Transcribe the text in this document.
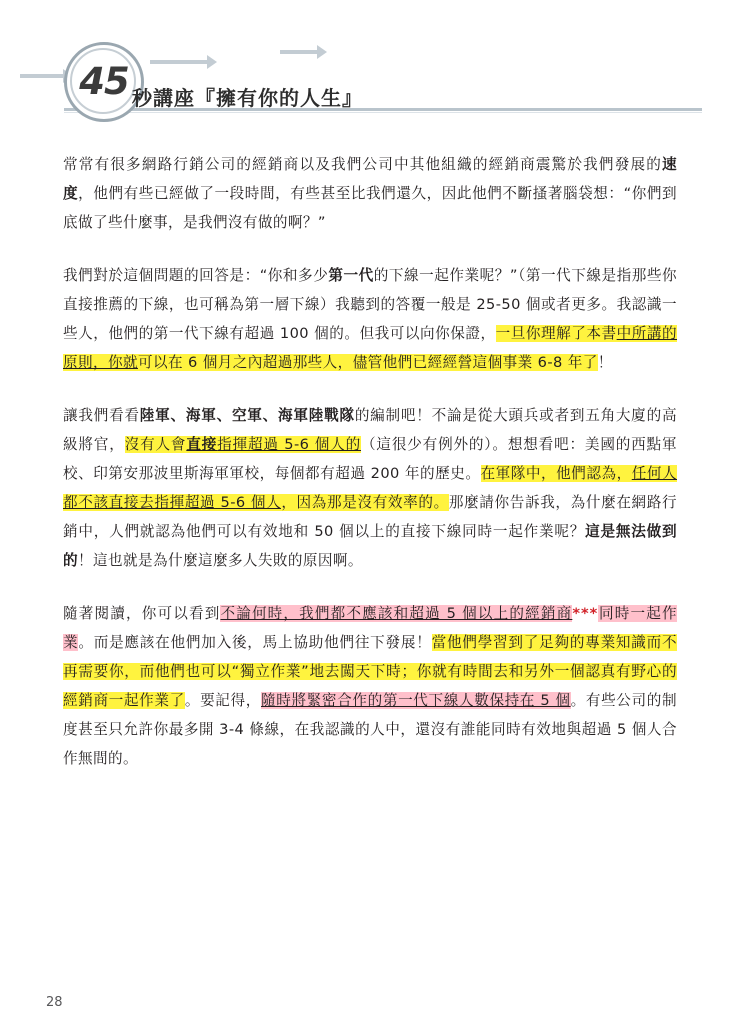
45 秒講座『擁有你的人生』

常常有很多網路行銷公司的經銷商以及我們公司中其他組織的經銷商震驚於我們發展的速度，他們有些已經做了一段時間，有些甚至比我們還久，因此他們不斷搔著腦袋想：“你們到底做了些什麼事，是我們沒有做的啊？”

我們對於這個問題的回答是：“你和多少第一代的下線一起作業呢？”（第一代下線是指那些你直接推薦的下線，也可稱為第一層下線）我聽到的答覆一般是 25-50 個或者更多。我認識一些人，他們的第一代下線有超過 100 個的。但我可以向你保證，一旦你理解了本書中所講的原則，你就可以在 6 個月之內超過那些人，儘管他們已經經營這個事業 6-8 年了！

讓我們看看陸軍、海軍、空軍、海軍陸戰隊的編制吧！不論是從大頭兵或者到五角大廈的高級將官，沒有人會直接指揮超過 5-6 個人的（這很少有例外的）。想想看吧：美國的西點軍校、印第安那波里斯海軍軍校，每個都有超過 200 年的歷史。在軍隊中，他們認為，任何人都不該直接去指揮超過 5-6 個人，因為那是沒有效率的。那麼請你告訴我，為什麼在網路行銷中，人們就認為他們可以有效地和 50 個以上的直接下線同時一起作業呢？這是無法做到的！這也就是為什麼這麼多人失敗的原因啊。

隨著閱讀，你可以看到不論何時，我們都不應該和超過 5 個以上的經銷商***同時一起作業。而是應該在他們加入後，馬上協助他們往下發展！當他們學習到了足夠的專業知識而不再需要你，而他們也可以“獨立作業”地去闖天下時；你就有時間去和另外一個認真有野心的經銷商一起作業了。要記得，隨時將緊密合作的第一代下線人數保持在 5 個。有些公司的制度甚至只允許你最多開 3-4 條線，在我認識的人中，還沒有誰能同時有效地與超過 5 個人合作無間的。

28
